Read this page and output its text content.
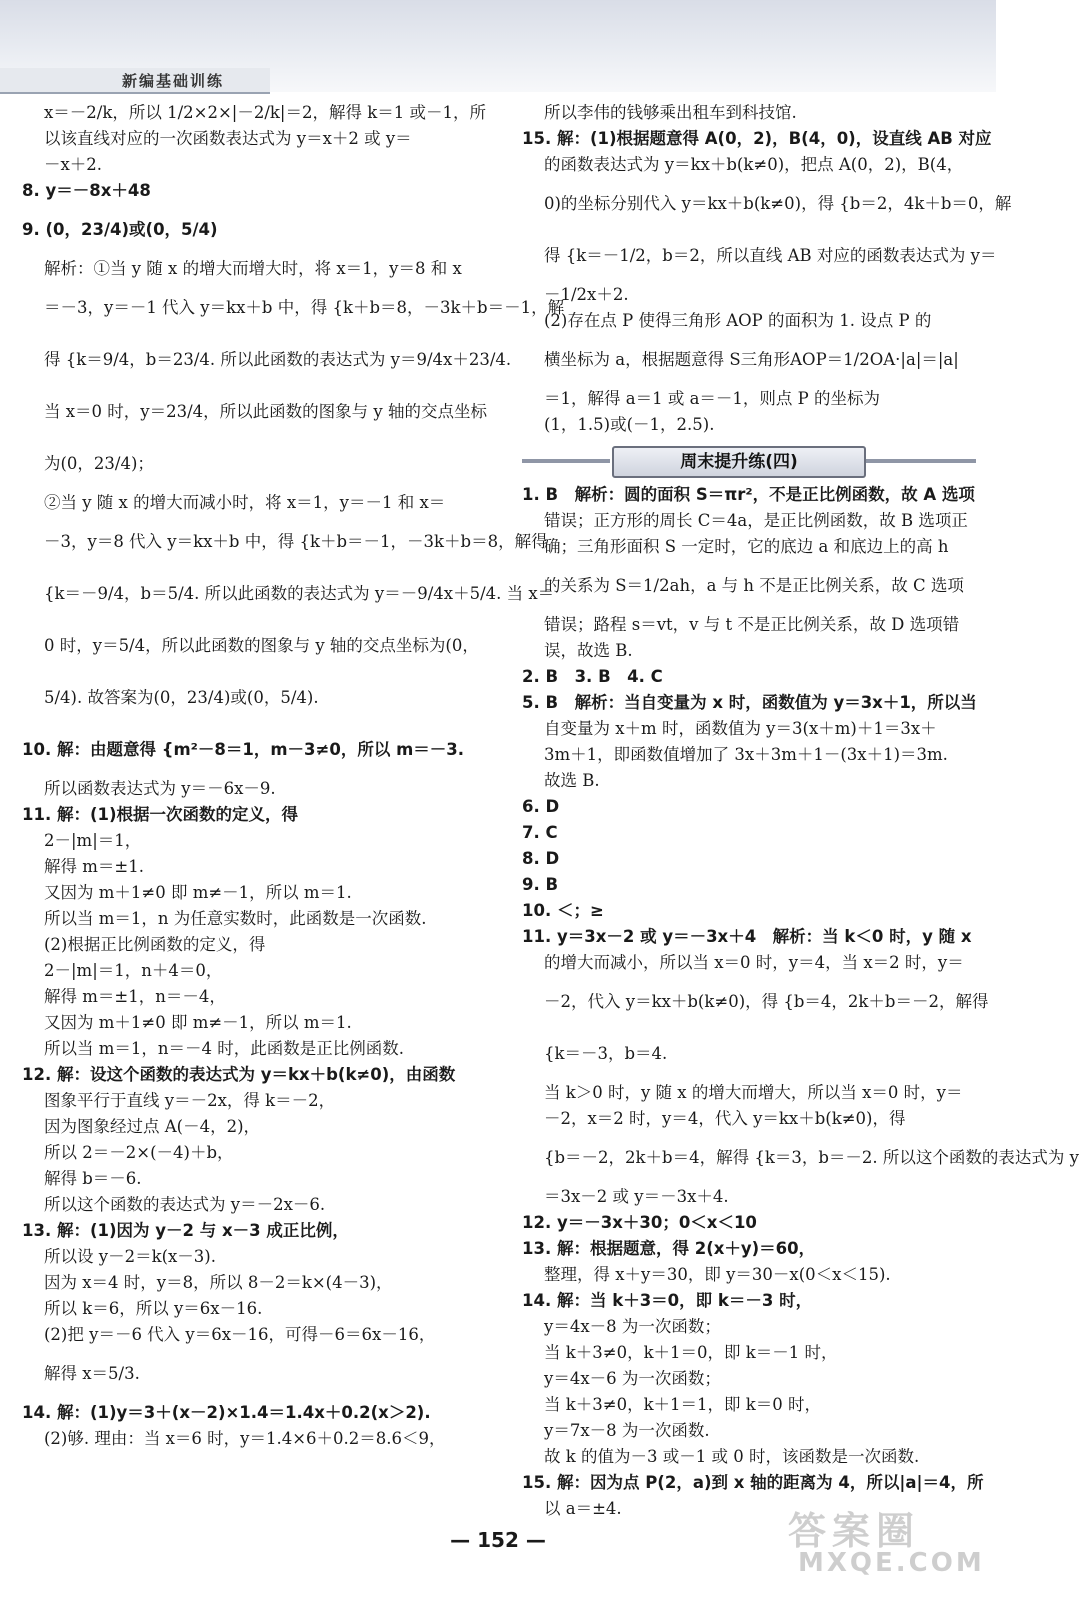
新编基础训练
x＝－2/k，所以 1/2×2×|－2/k|＝2，解得 k＝1 或－1，所
以该直线对应的一次函数表达式为 y＝x＋2 或 y＝
－x＋2.
8. y＝－8x＋48
9. (0，23/4)或(0，5/4)
解析：①当 y 随 x 的增大而增大时，将 x＝1，y＝8 和 x
＝－3，y＝－1 代入 y＝kx＋b 中，得 {k＋b＝8，－3k＋b＝－1，解
得 {k＝9/4，b＝23/4. 所以此函数的表达式为 y＝9/4x＋23/4.
当 x＝0 时，y＝23/4，所以此函数的图象与 y 轴的交点坐标
为(0，23/4)；
②当 y 随 x 的增大而减小时，将 x＝1，y＝－1 和 x＝
－3，y＝8 代入 y＝kx＋b 中，得 {k＋b＝－1，－3k＋b＝8，解得
{k＝－9/4，b＝5/4. 所以此函数的表达式为 y＝－9/4x＋5/4. 当 x＝
0 时，y＝5/4，所以此函数的图象与 y 轴的交点坐标为(0，
5/4). 故答案为(0，23/4)或(0，5/4).
10. 解：由题意得 {m²－8＝1，m－3≠0，所以 m＝－3.
所以函数表达式为 y＝－6x－9.
11. 解：(1)根据一次函数的定义，得
2－|m|＝1，
解得 m＝±1.
又因为 m＋1≠0 即 m≠－1，所以 m＝1.
所以当 m＝1，n 为任意实数时，此函数是一次函数.
(2)根据正比例函数的定义，得
2－|m|＝1，n＋4＝0，
解得 m＝±1，n＝－4，
又因为 m＋1≠0 即 m≠－1，所以 m＝1.
所以当 m＝1，n＝－4 时，此函数是正比例函数.
12. 解：设这个函数的表达式为 y＝kx＋b(k≠0)，由函数
图象平行于直线 y＝－2x，得 k＝－2，
因为图象经过点 A(－4，2)，
所以 2＝－2×(－4)＋b，
解得 b＝－6.
所以这个函数的表达式为 y＝－2x－6.
13. 解：(1)因为 y－2 与 x－3 成正比例，
所以设 y－2＝k(x－3).
因为 x＝4 时，y＝8，所以 8－2＝k×(4－3)，
所以 k＝6，所以 y＝6x－16.
(2)把 y＝－6 代入 y＝6x－16，可得－6＝6x－16，
解得 x＝5/3.
14. 解：(1)y＝3＋(x－2)×1.4＝1.4x＋0.2(x＞2).
(2)够. 理由：当 x＝6 时，y＝1.4×6＋0.2＝8.6＜9，
所以李伟的钱够乘出租车到科技馆.
15. 解：(1)根据题意得 A(0，2)，B(4，0)，设直线 AB 对应
的函数表达式为 y＝kx＋b(k≠0)，把点 A(0，2)，B(4，
0)的坐标分别代入 y＝kx＋b(k≠0)，得 {b＝2，4k＋b＝0，解
得 {k＝－1/2，b＝2，所以直线 AB 对应的函数表达式为 y＝
－1/2x＋2.
(2)存在点 P 使得三角形 AOP 的面积为 1. 设点 P 的
横坐标为 a，根据题意得 S三角形AOP＝1/2OA·|a|＝|a|
＝1，解得 a＝1 或 a＝－1，则点 P 的坐标为
(1，1.5)或(－1，2.5).
周末提升练(四)
1. B　解析：圆的面积 S＝πr²，不是正比例函数，故 A 选项
错误；正方形的周长 C＝4a，是正比例函数，故 B 选项正
确；三角形面积 S 一定时，它的底边 a 和底边上的高 h
的关系为 S＝1/2ah，a 与 h 不是正比例关系，故 C 选项
错误；路程 s＝vt，v 与 t 不是正比例关系，故 D 选项错
误，故选 B.
2. B　3. B　4. C
5. B　解析：当自变量为 x 时，函数值为 y＝3x＋1，所以当
自变量为 x＋m 时，函数值为 y＝3(x＋m)＋1＝3x＋
3m＋1，即函数值增加了 3x＋3m＋1－(3x＋1)＝3m.
故选 B.
6. D
7. C
8. D
9. B
10. ＜；≥
11. y＝3x－2 或 y＝－3x＋4　解析：当 k＜0 时，y 随 x
的增大而减小，所以当 x＝0 时，y＝4，当 x＝2 时，y＝
－2，代入 y＝kx＋b(k≠0)，得 {b＝4，2k＋b＝－2，解得
{k＝－3，b＝4.
当 k＞0 时，y 随 x 的增大而增大，所以当 x＝0 时，y＝
－2，x＝2 时，y＝4，代入 y＝kx＋b(k≠0)，得
{b＝－2，2k＋b＝4，解得 {k＝3，b＝－2. 所以这个函数的表达式为 y
＝3x－2 或 y＝－3x＋4.
12. y＝－3x＋30；0＜x＜10
13. 解：根据题意，得 2(x＋y)＝60，
整理，得 x＋y＝30，即 y＝30－x(0＜x＜15).
14. 解：当 k＋3＝0，即 k＝－3 时，
y＝4x－8 为一次函数；
当 k＋3≠0，k＋1＝0，即 k＝－1 时，
y＝4x－6 为一次函数；
当 k＋3≠0，k＋1＝1，即 k＝0 时，
y＝7x－8 为一次函数.
故 k 的值为－3 或－1 或 0 时，该函数是一次函数.
15. 解：因为点 P(2，a)到 x 轴的距离为 4，所以|a|＝4，所
以 a＝±4.
— 152 —	答案圈
MXQE.COM
